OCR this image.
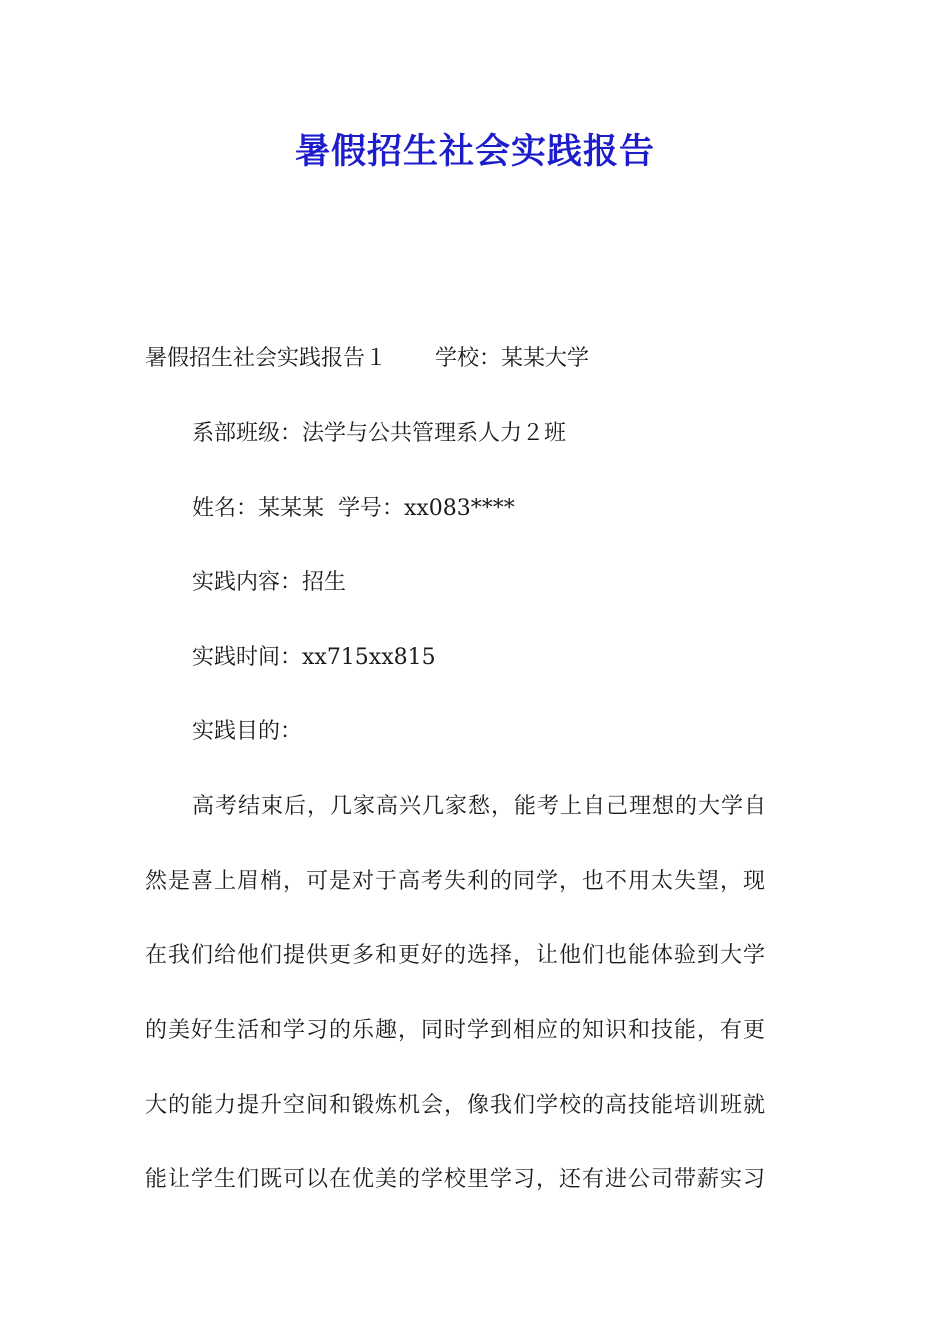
暑假招生社会实践报告

暑假招生社会实践报告１ 学校：某某大学

系部班级：法学与公共管理系人力２班

姓名：某某某  学号：xx083****

实践内容：招生

实践时间：xx715xx815

实践目的：

高考结束后，几家高兴几家愁，能考上自己理想的大学自

然是喜上眉梢，可是对于高考失利的同学，也不用太失望，现

在我们给他们提供更多和更好的选择，让他们也能体验到大学

的美好生活和学习的乐趣，同时学到相应的知识和技能，有更

大的能力提升空间和锻炼机会，像我们学校的高技能培训班就

能让学生们既可以在优美的学校里学习，还有进公司带薪实习
